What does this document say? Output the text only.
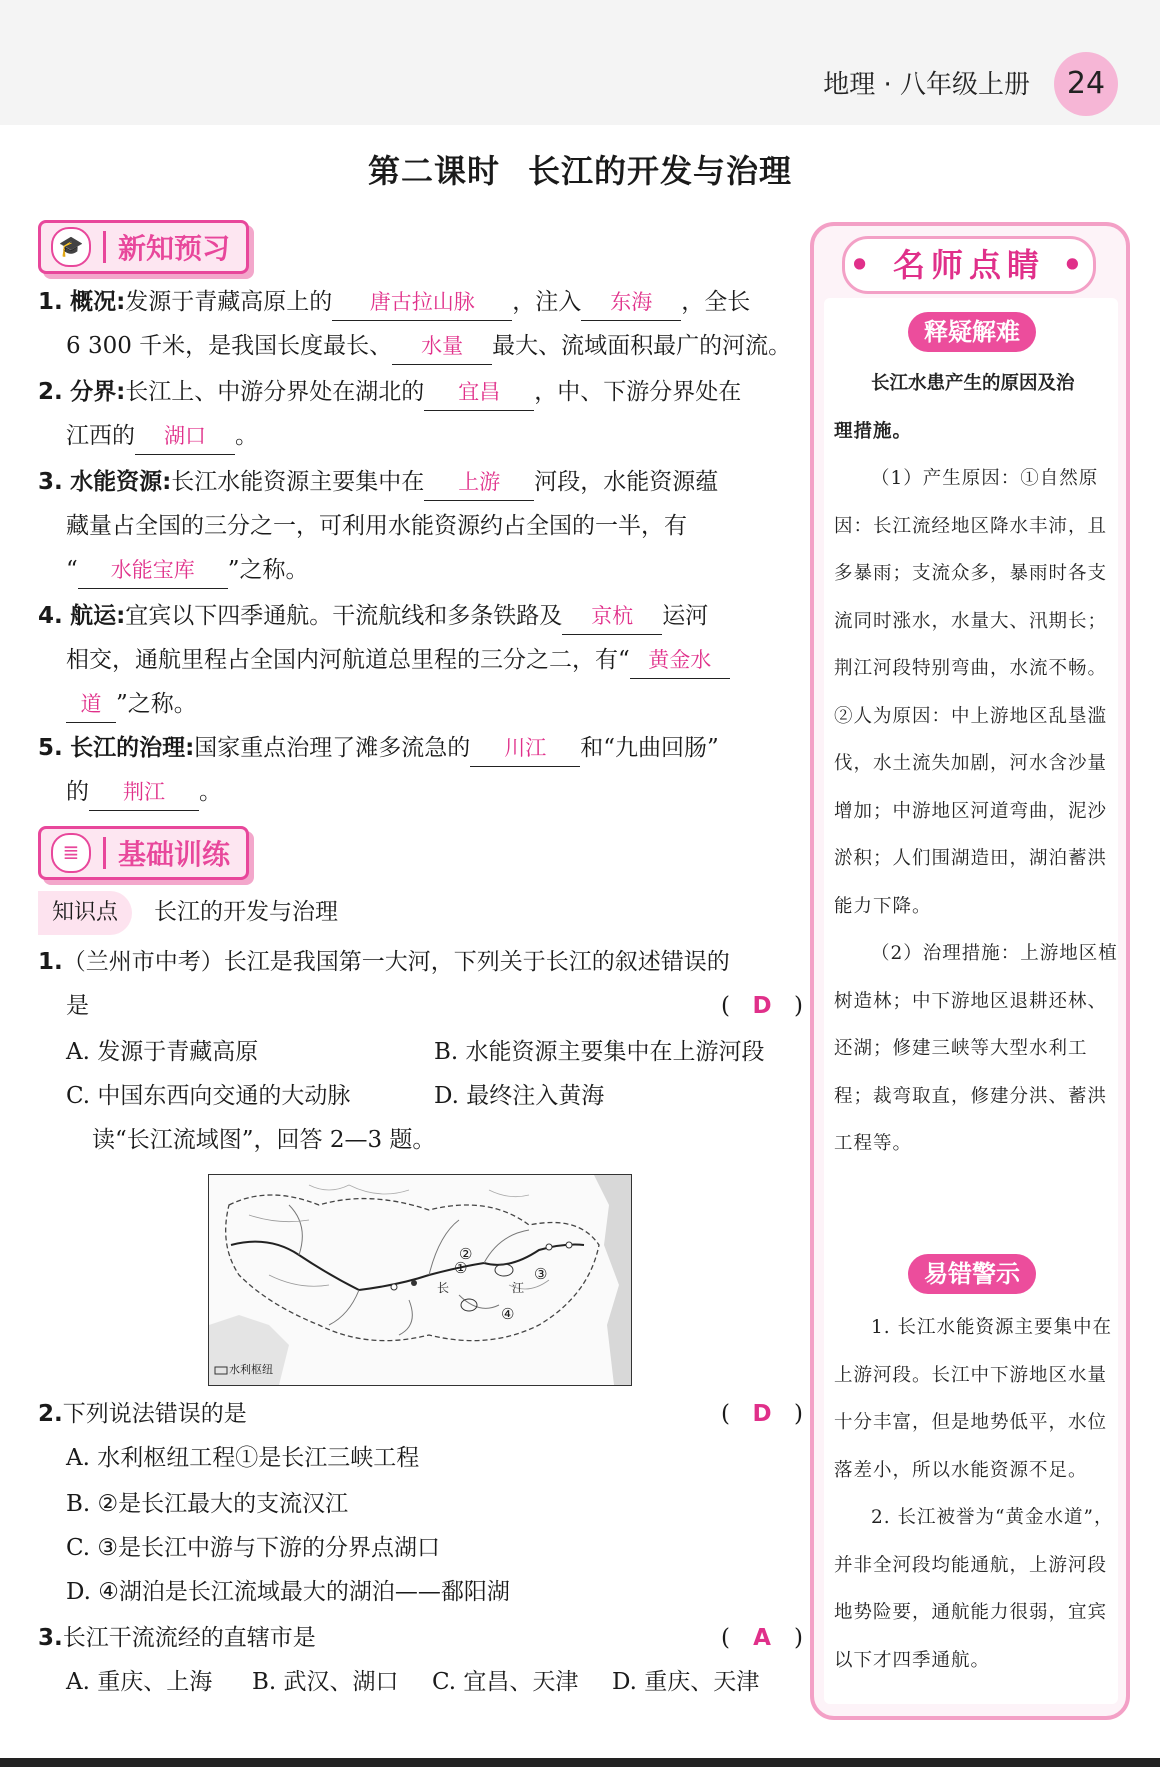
地理 · 八年级上册	24
第二课时 长江的开发与治理
🎓 新知预习
1. 概况:发源于青藏高原上的 唐古拉山脉 ，注入 东海 ，全长
6 300 千米，是我国长度最长、 水量 最大、流域面积最广的河流。
2. 分界:长江上、中游分界处在湖北的 宜昌 ，中、下游分界处在
江西的 湖口 。
3. 水能资源:长江水能资源主要集中在 上游 河段，水能资源蕴
藏量占全国的三分之一，可利用水能资源约占全国的一半，有
“ 水能宝库 ”之称。
4. 航运:宜宾以下四季通航。干流航线和多条铁路及 京杭 运河
相交，通航里程占全国内河航道总里程的三分之二，有“ 黄金水
道 ”之称。
5. 长江的治理:国家重点治理了滩多流急的 川江 和“九曲回肠”
的 荆江 。
≣	基础训练
知识点 长江的开发与治理
1.（兰州市中考）长江是我国第一大河，下列关于长江的叙述错误的
是	( D )
A. 发源于青藏高原	B. 水能资源主要集中在上游河段
C. 中国东西向交通的大动脉	D. 最终注入黄海
读“长江流域图”，回答 2—3 题。
②
①	③
④
长	江
水利枢纽
2.下列说法错误的是	( D )
A. 水利枢纽工程①是长江三峡工程
B. ②是长江最大的支流汉江
C. ③是长江中游与下游的分界点湖口
D. ④湖泊是长江流域最大的湖泊——鄱阳湖
3.长江干流流经的直辖市是	( A )
A. 重庆、上海 B. 武汉、湖口 C. 宜昌、天津 D. 重庆、天津
• 名师点睛 •
释疑解难

长江水患产生的原因及治

理措施。

（1）产生原因：①自然原因：长江流经地区降水丰沛，且多暴雨；支流众多，暴雨时各支流同时涨水，水量大、汛期长；荆江河段特别弯曲，水流不畅。②人为原因：中上游地区乱垦滥伐，水土流失加剧，河水含沙量增加；中游地区河道弯曲，泥沙淤积；人们围湖造田，湖泊蓄洪能力下降。

（2）治理措施：上游地区植树造林；中下游地区退耕还林、还湖；修建三峡等大型水利工程；裁弯取直，修建分洪、蓄洪工程等。

易错警示

1. 长江水能资源主要集中在上游河段。长江中下游地区水量十分丰富，但是地势低平，水位落差小，所以水能资源不足。

2. 长江被誉为“黄金水道”，并非全河段均能通航，上游河段地势险要，通航能力很弱，宜宾以下才四季通航。
